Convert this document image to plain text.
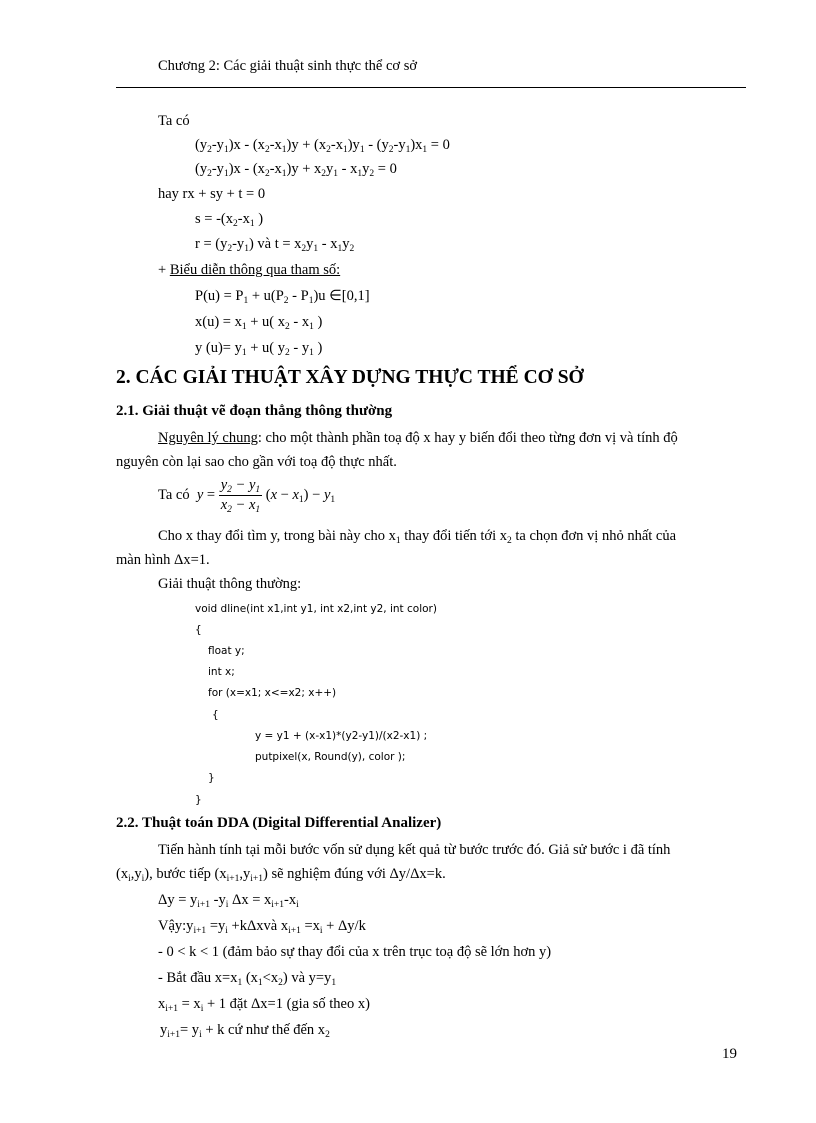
Chương 2: Các giải thuật sinh thực thể cơ sở
Ta có
$(y_2-y_1)x - (x_2-x_1)y + (x_2-x_1)y_1 - (y_2-y_1)x_1 = 0$
$(y_2-y_1)x - (x_2-x_1)y + x_2y_1 - x_1y_2 = 0$
hay rx + sy + t = 0
$s = -(x_2-x_1$ )
$r = (y_2-y_1)$ và $t = x_2y_1 - x_1y_2$
+ Biểu diễn thông qua tham số:
$P(u) = P_1 + u(P_2 - P_1)u$ ∈[0,1]
$x(u) = x_1 + u$( $x_2 - x_1$ )
y $(u)= y_1 + u$( $y_2 - y_1$ )
2. CÁC GIẢI THUẬT XÂY DỰNG THỰC THỂ CƠ SỞ
2.1. Giải thuật vẽ đoạn thẳng thông thường
Nguyên lý chung: cho một thành phần toạ độ x hay y biến đổi theo từng đơn vị và tính độ
nguyên còn lại sao cho gần với toạ độ thực nhất.
Ta có $y = \frac{y_2 - y_1}{x_2 - x_1} (x - x_1) - y_1$
Cho x thay đổi tìm y, trong bài này cho $x_1$ thay đổi tiến tới $x_2$ ta chọn đơn vị nhỏ nhất của
màn hình Δx=1.
Giải thuật thông thường:
void dline(int x1,int y1, int x2,int y2, int color)
{
float y;
int x;
for (x=x1; x<=x2; x++)
{
y = y1 + (x-x1)*(y2-y1)/(x2-x1) ;
putpixel(x, Round(y), color );
}
}
2.2. Thuật toán DDA (Digital Differential Analizer)
Tiến hành tính tại mỗi bước vốn sử dụng kết quả từ bước trước đó. Giả sử bước i đã tính
$(x_i,y_i)$, bước tiếp $(x_{i+1},y_{i+1})$ sẽ nghiệm đúng với Δy/Δx=k.
$\Delta y = y_{i+1}$ $-y_i$ $\Delta x = x_{i+1}-x_i$
$Vậy:y_{i+1} =y_i$ +kΔxvà $x_{i+1} =x_i + \Delta y/k$
- 0 < k < 1 (đảm bảo sự thay đổi của x trên trục toạ độ sẽ lớn hơn y)
- Bắt đầu $x=x_1$ $(x_1<x_2)$ và $y=y_1$
$x_{i+1} = x_i + 1$ đặt Δx=1 (gia số theo x)
$y_{i+1}= y_i + k$ cứ như thế đến $x_2$
19
